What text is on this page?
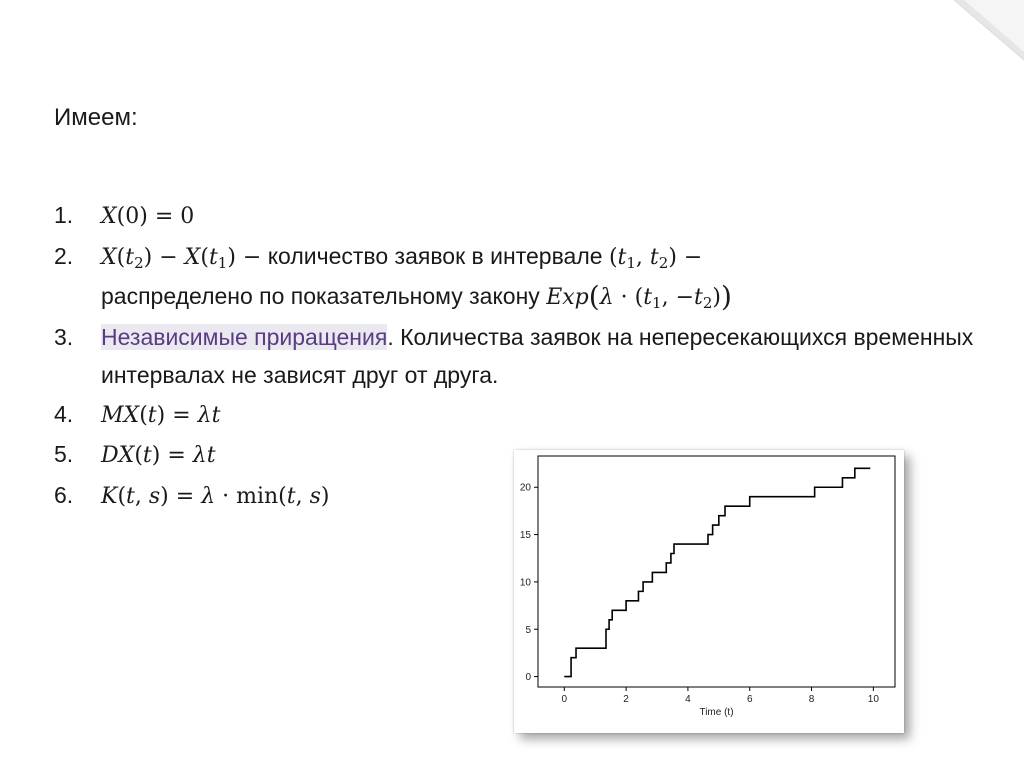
Имеем:
1. X(0) = 0
2. $X(t_2) - X(t_1)$ − количество заявок в интервале ($t_1$, $t_2$) −
распределено по показательному закону $Exp(\lambda \cdot (t_1$, $-t_2$))
3. Независимые приращения. Количества заявок на непересекающихся временных интервалах не зависят друг от друга.
4. MX(t) = λt
5. DX(t) = λt
6. K(t, s) = λ · min(t, s)
0	2	4	6	8	10
0
5
10
15
20
Time (t)
